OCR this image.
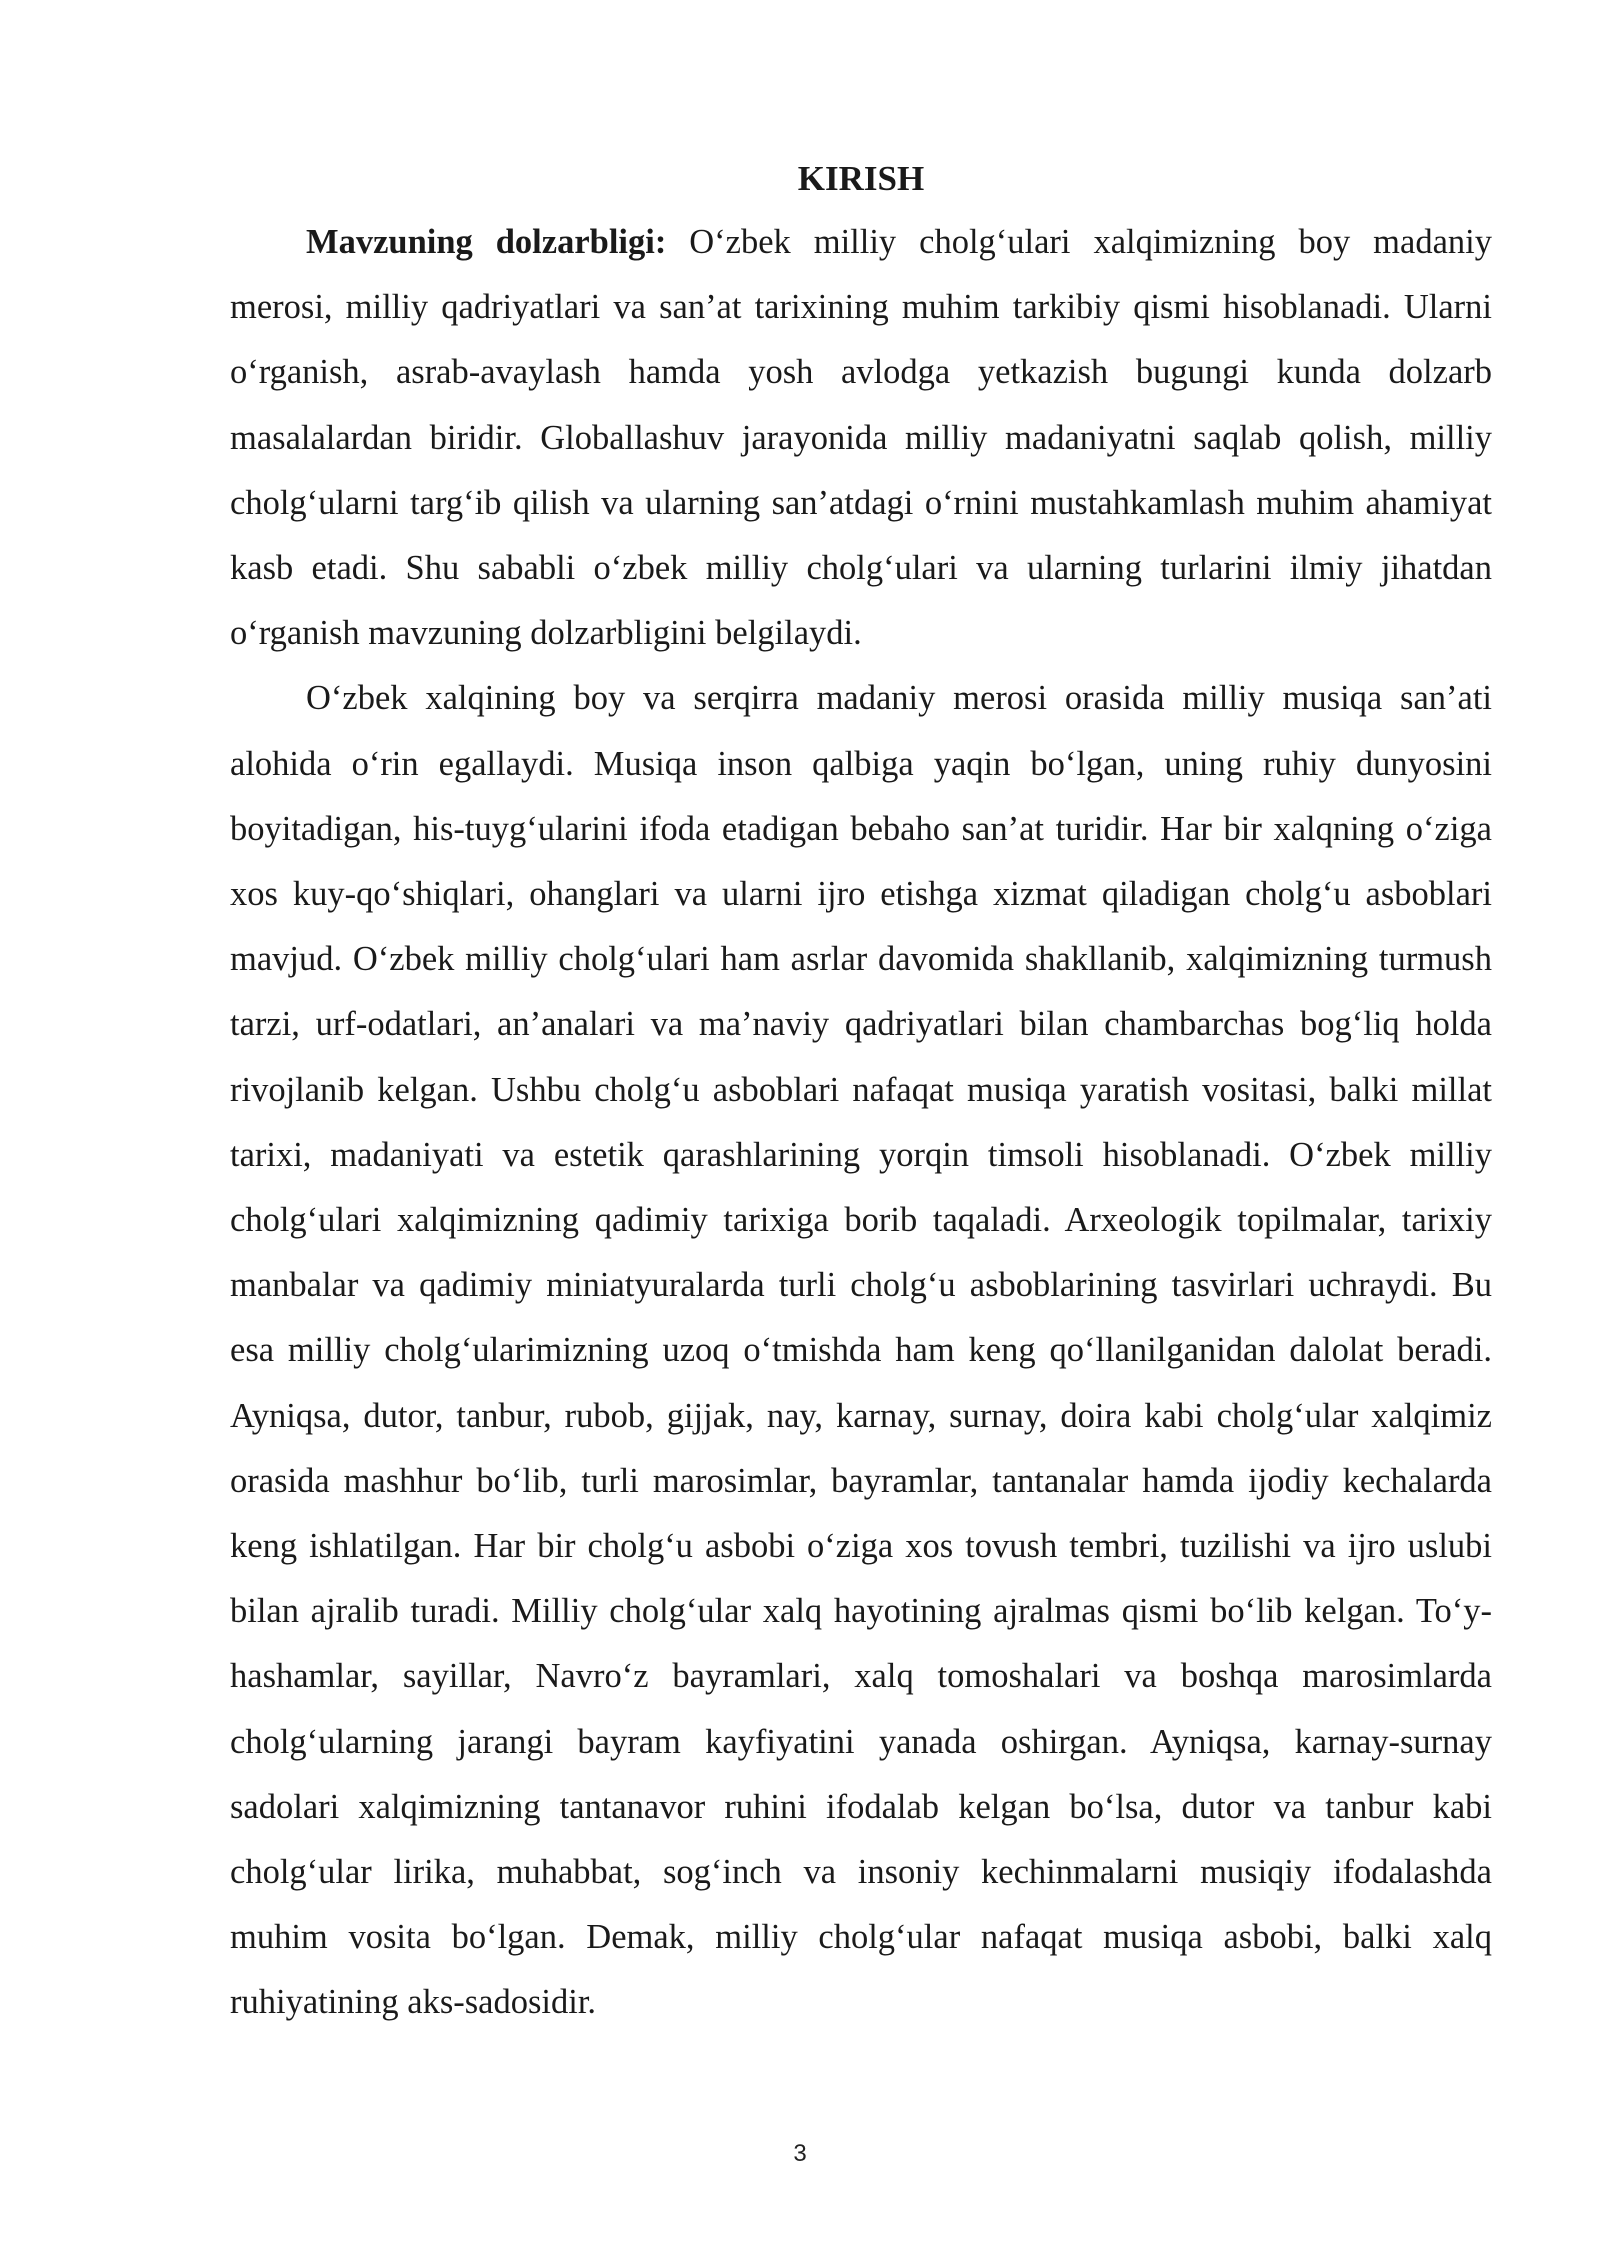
KIRISH

Mavzuning dolzarbligi: O‘zbek milliy cholg‘ulari xalqimizning boy madaniy merosi, milliy qadriyatlari va san’at tarixining muhim tarkibiy qismi hisoblanadi. Ularni o‘rganish, asrab-avaylash hamda yosh avlodga yetkazish bugungi kunda dolzarb masalalardan biridir. Globallashuv jarayonida milliy madaniyatni saqlab qolish, milliy cholg‘ularni targ‘ib qilish va ularning san’atdagi o‘rnini mustahkamlash muhim ahamiyat kasb etadi. Shu sababli o‘zbek milliy cholg‘ulari va ularning turlarini ilmiy jihatdan o‘rganish mavzuning dolzarbligini belgilaydi.

O‘zbek xalqining boy va serqirra madaniy merosi orasida milliy musiqa san’ati alohida o‘rin egallaydi. Musiqa inson qalbiga yaqin bo‘lgan, uning ruhiy dunyosini boyitadigan, his-tuyg‘ularini ifoda etadigan bebaho san’at turidir. Har bir xalqning o‘ziga xos kuy-qo‘shiqlari, ohanglari va ularni ijro etishga xizmat qiladigan cholg‘u asboblari mavjud. O‘zbek milliy cholg‘ulari ham asrlar davomida shakllanib, xalqimizning turmush tarzi, urf-odatlari, an’analari va ma’naviy qadriyatlari bilan chambarchas bog‘liq holda rivojlanib kelgan. Ushbu cholg‘u asboblari nafaqat musiqa yaratish vositasi, balki millat tarixi, madaniyati va estetik qarashlarining yorqin timsoli hisoblanadi. O‘zbek milliy cholg‘ulari xalqimizning qadimiy tarixiga borib taqaladi. Arxeologik topilmalar, tarixiy manbalar va qadimiy miniatyuralarda turli cholg‘u asboblarining tasvirlari uchraydi. Bu esa milliy cholg‘ularimizning uzoq o‘tmishda ham keng qo‘llanilganidan dalolat beradi. Ayniqsa, dutor, tanbur, rubob, gijjak, nay, karnay, surnay, doira kabi cholg‘ular xalqimiz orasida mashhur bo‘lib, turli marosimlar, bayramlar, tantanalar hamda ijodiy kechalarda keng ishlatilgan. Har bir cholg‘u asbobi o‘ziga xos tovush tembri, tuzilishi va ijro uslubi bilan ajralib turadi. Milliy cholg‘ular xalq hayotining ajralmas qismi bo‘lib kelgan. To‘y-hashamlar, sayillar, Navro‘z bayramlari, xalq tomoshalari va boshqa marosimlarda cholg‘ularning jarangi bayram kayfiyatini yanada oshirgan. Ayniqsa, karnay-surnay sadolari xalqimizning tantanavor ruhini ifodalab kelgan bo‘lsa, dutor va tanbur kabi cholg‘ular lirika, muhabbat, sog‘inch va insoniy kechinmalarni musiqiy ifodalashda muhim vosita bo‘lgan. Demak, milliy cholg‘ular nafaqat musiqa asbobi, balki xalq ruhiyatining aks-sadosidir.

3
